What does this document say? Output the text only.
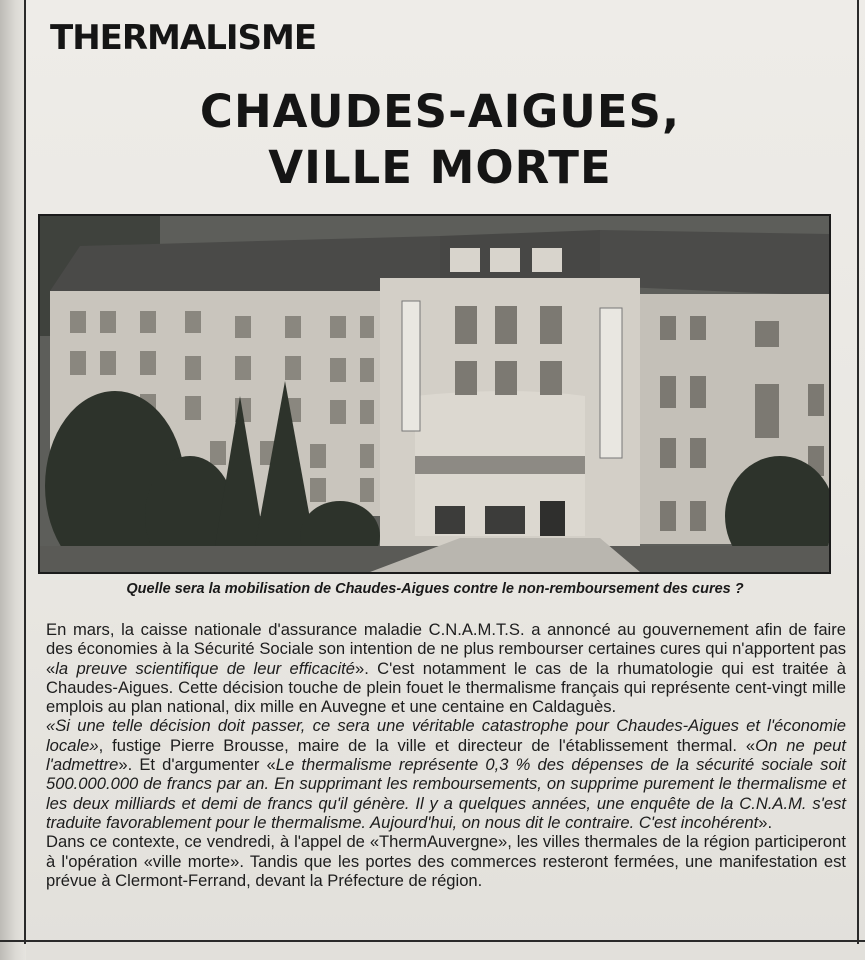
THERMALISME
CHAUDES-AIGUES,
VILLE MORTE
Quelle sera la mobilisation de Chaudes-Aigues contre le non-remboursement des cures ?

En mars, la caisse nationale d'assurance maladie C.N.A.M.T.S. a annoncé au gouvernement afin de faire des économies à la Sécurité Sociale son intention de ne plus rembourser certaines cures qui n'apportent pas «la preuve scientifique de leur efficacité». C'est notamment le cas de la rhumatologie qui est traitée à Chaudes-Aigues. Cette décision touche de plein fouet le thermalisme français qui représente cent-vingt mille emplois au plan national, dix mille en Auvegne et une centaine en Caldaguès.

«Si une telle décision doit passer, ce sera une véritable catastrophe pour Chaudes-Aigues et l'économie locale», fustige Pierre Brousse, maire de la ville et directeur de l'établissement thermal. «On ne peut l'admettre». Et d'argumenter «Le thermalisme représente 0,3 % des dépenses de la sécurité sociale soit 500.000.000 de francs par an. En supprimant les remboursements, on supprime purement le thermalisme et les deux milliards et demi de francs qu'il génère. Il y a quelques années, une enquête de la C.N.A.M. s'est traduite favorablement pour le thermalisme. Aujourd'hui, on nous dit le contraire. C'est incohérent».

Dans ce contexte, ce vendredi, à l'appel de «ThermAuvergne», les villes thermales de la région participeront à l'opération «ville morte». Tandis que les portes des commerces resteront fermées, une manifestation est prévue à Clermont-Ferrand, devant la Préfecture de région.
